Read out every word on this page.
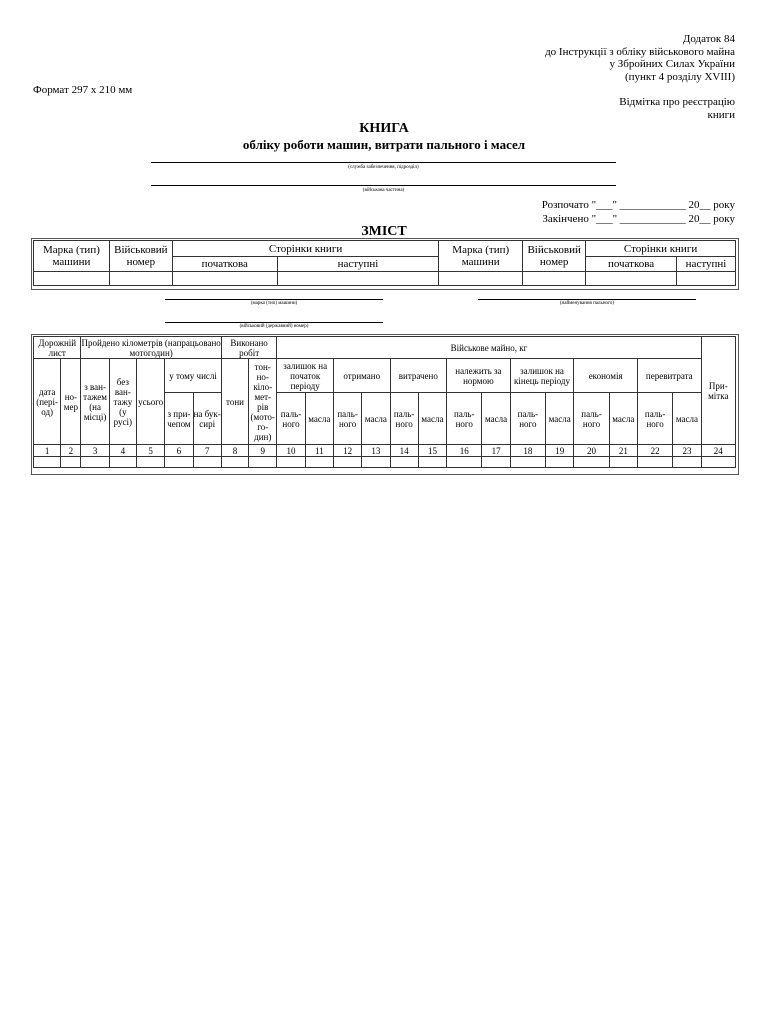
Додаток 84
до Інструкції з обліку військового майна
у Збройних Силах України
(пункт 4 розділу XVIII)
Формат 297 x 210 мм
Відмітка про реєстрацію
книги
КНИГА
обліку роботи машин, витрати пального і масел
(служба забезпечення, підрозділ)
(військова частина)
Розпочато "___" ____________ 20__ року
Закінчено "___" ____________ 20__ року
ЗМІСТ
Марка (тип) машини	Військовий номер	Сторінки книги		Марка (тип) машини	Військовий номер	Сторінки книги	
		початкова	наступні			початкова	наступні

(марка (тип) машини)	(найменування пального)
(військовий (державний) номер)
Дорожній лист		Пройдено кілометрів (напрацьовано мотогодин)					Виконано робіт		Військове майно, кг														При-мітка
дата (пері-од)	но-мер	з ван-тажем (на місці)	без ван-тажу (у русі)	усього	у тому числі		тони	тон-но-кіло-мет-рів (мото-го-дин)	залишок на початок періоду		отримано		витрачено		належить за нормою		залишок на кінець періоду		економія		перевитрата		
					з при-чепом	на бук-сирі			паль-ного	масла	паль-ного	масла	паль-ного	масла	паль-ного	масла	паль-ного	масла	паль-ного	масла	паль-ного	масла	
1	2	3	4	5	6	7	8	9	10	11	12	13	14	15	16	17	18	19	20	21	22	23	24
